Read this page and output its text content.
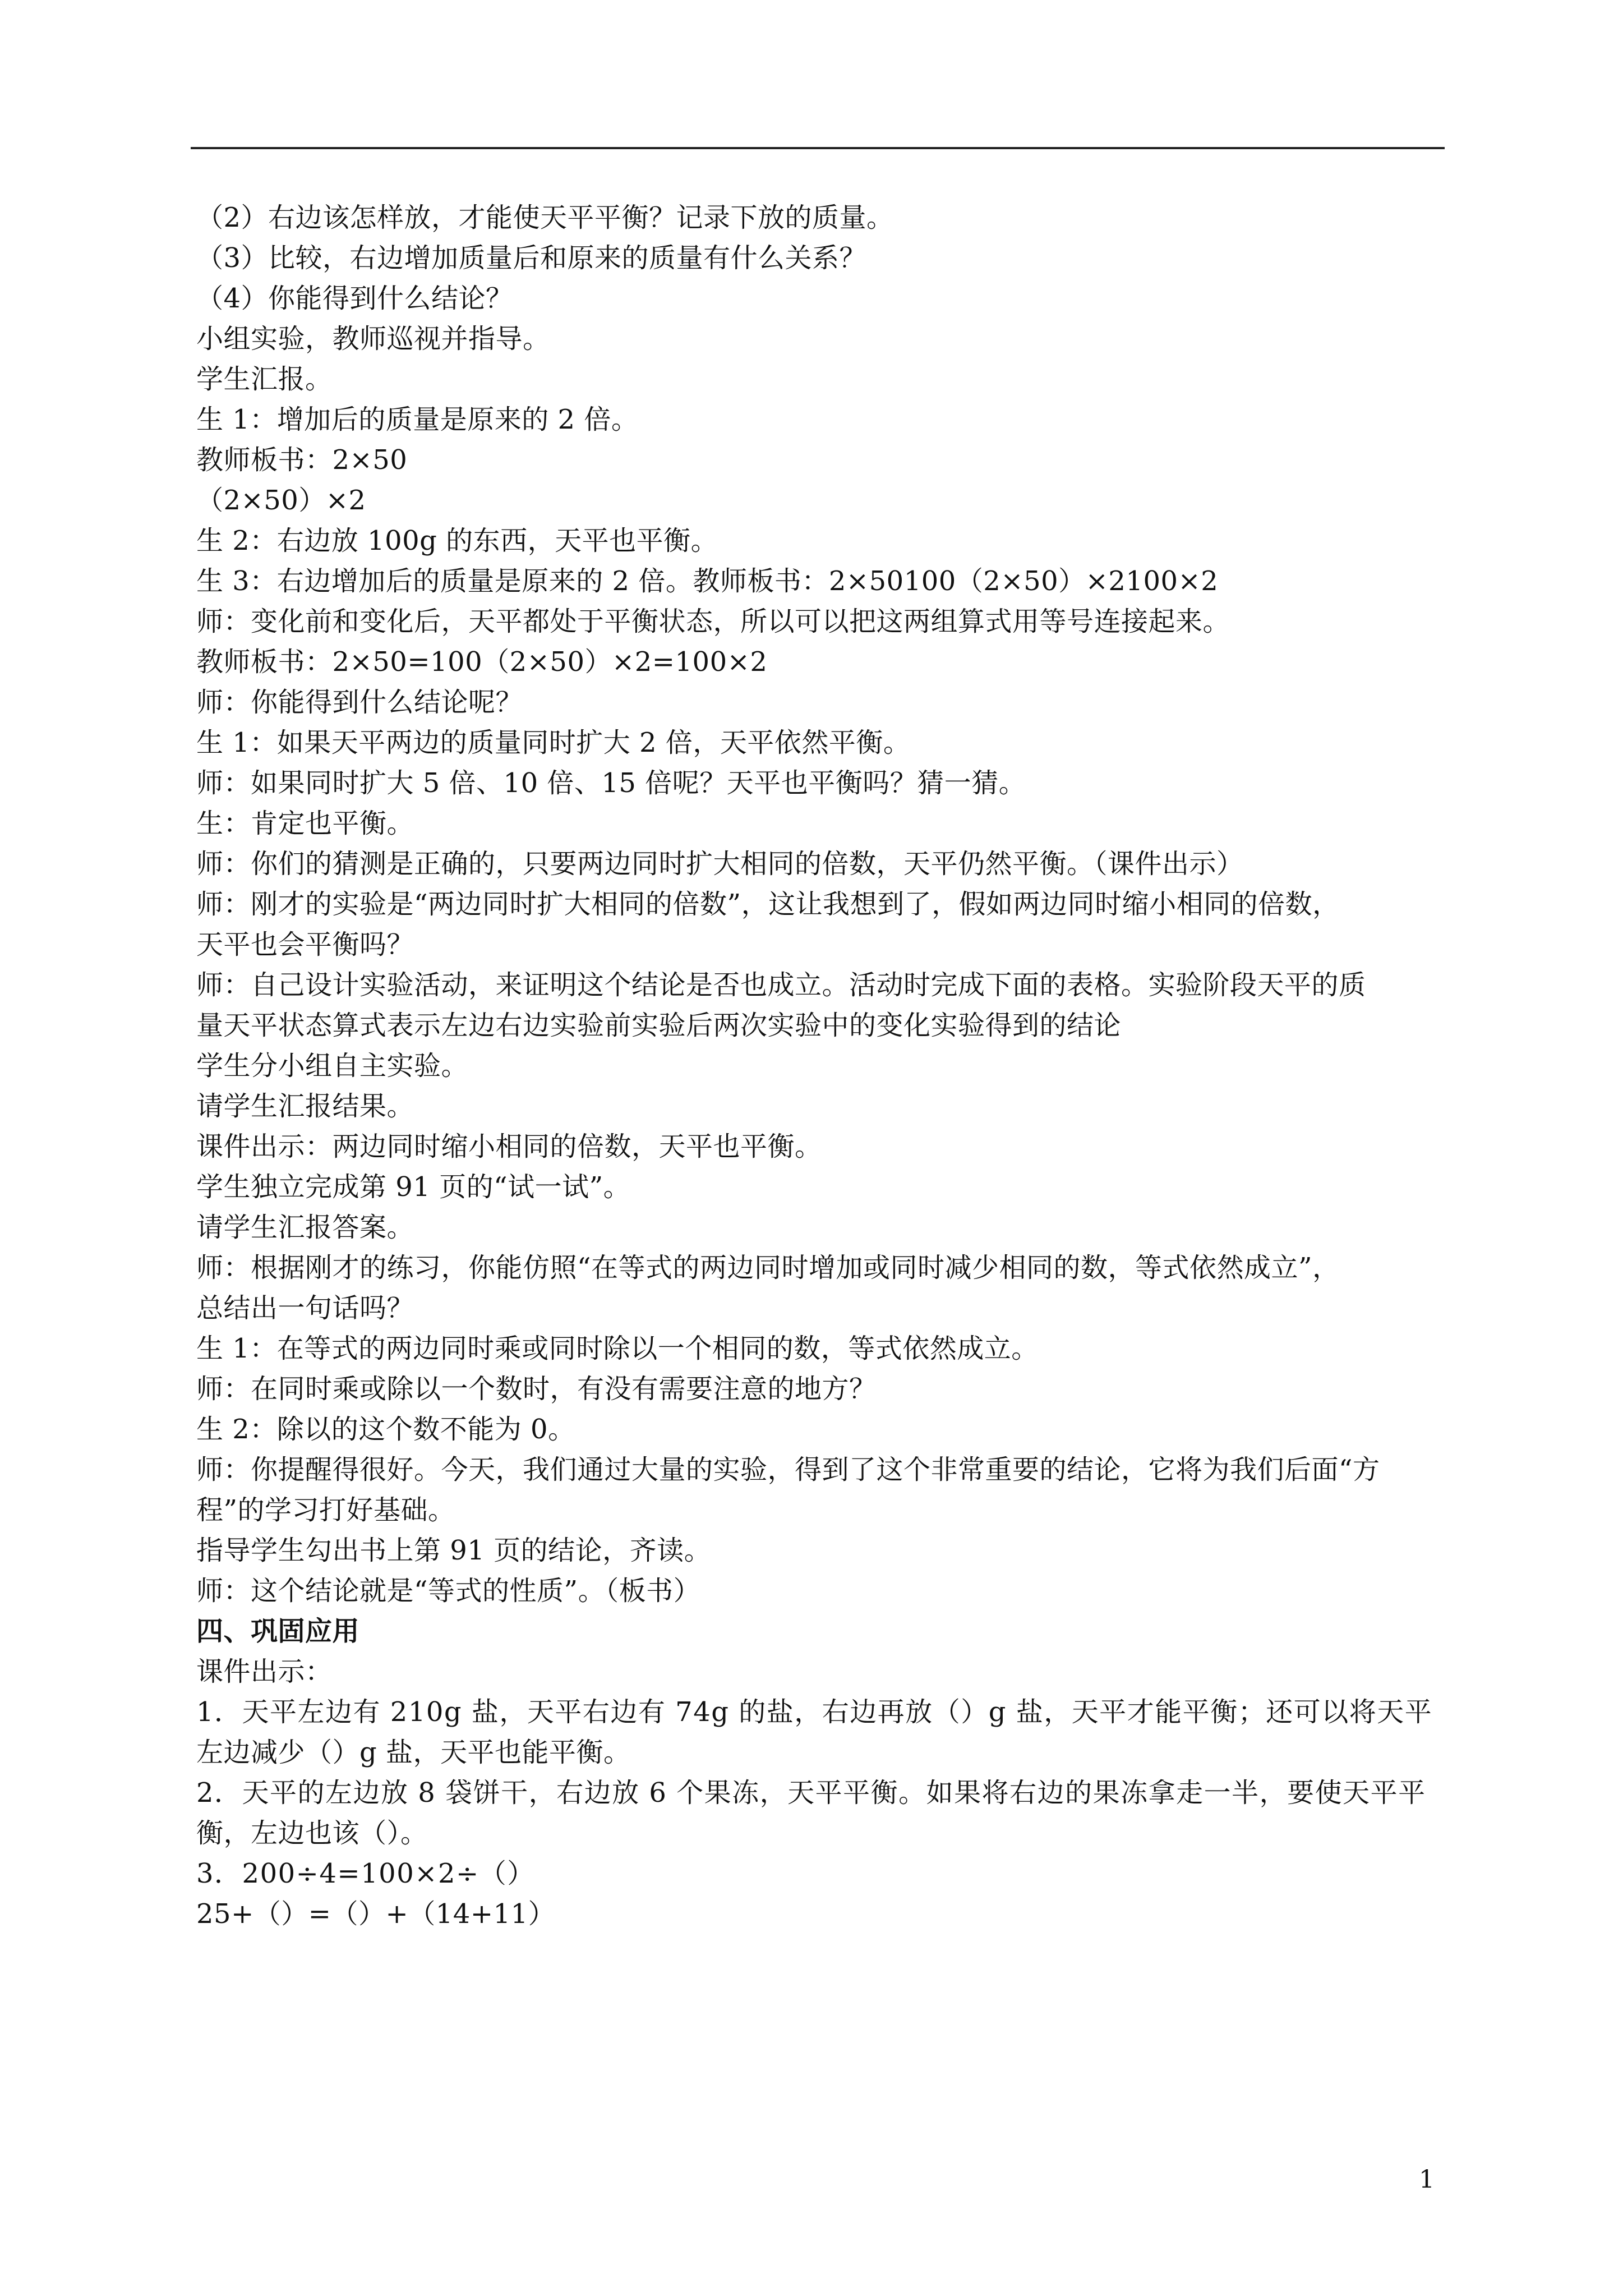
（2）右边该怎样放，才能使天平平衡？记录下放的质量。
（3）比较，右边增加质量后和原来的质量有什么关系？
（4）你能得到什么结论？
小组实验，教师巡视并指导。
学生汇报。
生 1：增加后的质量是原来的 2 倍。
教师板书：2×50
（2×50）×2
生 2：右边放 100g 的东西，天平也平衡。
生 3：右边增加后的质量是原来的 2 倍。教师板书：2×50100（2×50）×2100×2
师：变化前和变化后，天平都处于平衡状态，所以可以把这两组算式用等号连接起来。
教师板书：2×50=100（2×50）×2=100×2
师：你能得到什么结论呢？
生 1：如果天平两边的质量同时扩大 2 倍，天平依然平衡。
师：如果同时扩大 5 倍、10 倍、15 倍呢？天平也平衡吗？猜一猜。
生：肯定也平衡。
师：你们的猜测是正确的，只要两边同时扩大相同的倍数，天平仍然平衡。（课件出示）
师：刚才的实验是“两边同时扩大相同的倍数”，这让我想到了，假如两边同时缩小相同的倍数，
天平也会平衡吗？
师：自己设计实验活动，来证明这个结论是否也成立。活动时完成下面的表格。实验阶段天平的质
量天平状态算式表示左边右边实验前实验后两次实验中的变化实验得到的结论
学生分小组自主实验。
请学生汇报结果。
课件出示：两边同时缩小相同的倍数，天平也平衡。
学生独立完成第 91 页的“试一试”。
请学生汇报答案。
师：根据刚才的练习，你能仿照“在等式的两边同时增加或同时减少相同的数，等式依然成立”，
总结出一句话吗？
生 1：在等式的两边同时乘或同时除以一个相同的数，等式依然成立。
师：在同时乘或除以一个数时，有没有需要注意的地方？
生 2：除以的这个数不能为 0。
师：你提醒得很好。今天，我们通过大量的实验，得到了这个非常重要的结论，它将为我们后面“方
程”的学习打好基础。
指导学生勾出书上第 91 页的结论，齐读。
师：这个结论就是“等式的性质”。（板书）
四、巩固应用
课件出示：
1．天平左边有 210g 盐，天平右边有 74g 的盐，右边再放（）g 盐，天平才能平衡；还可以将天平
左边减少（）g 盐，天平也能平衡。
2．天平的左边放 8 袋饼干，右边放 6 个果冻，天平平衡。如果将右边的果冻拿走一半，要使天平平
衡，左边也该（）。
3．200÷4=100×2÷（）
25+（）=（）+（14+11）
1
